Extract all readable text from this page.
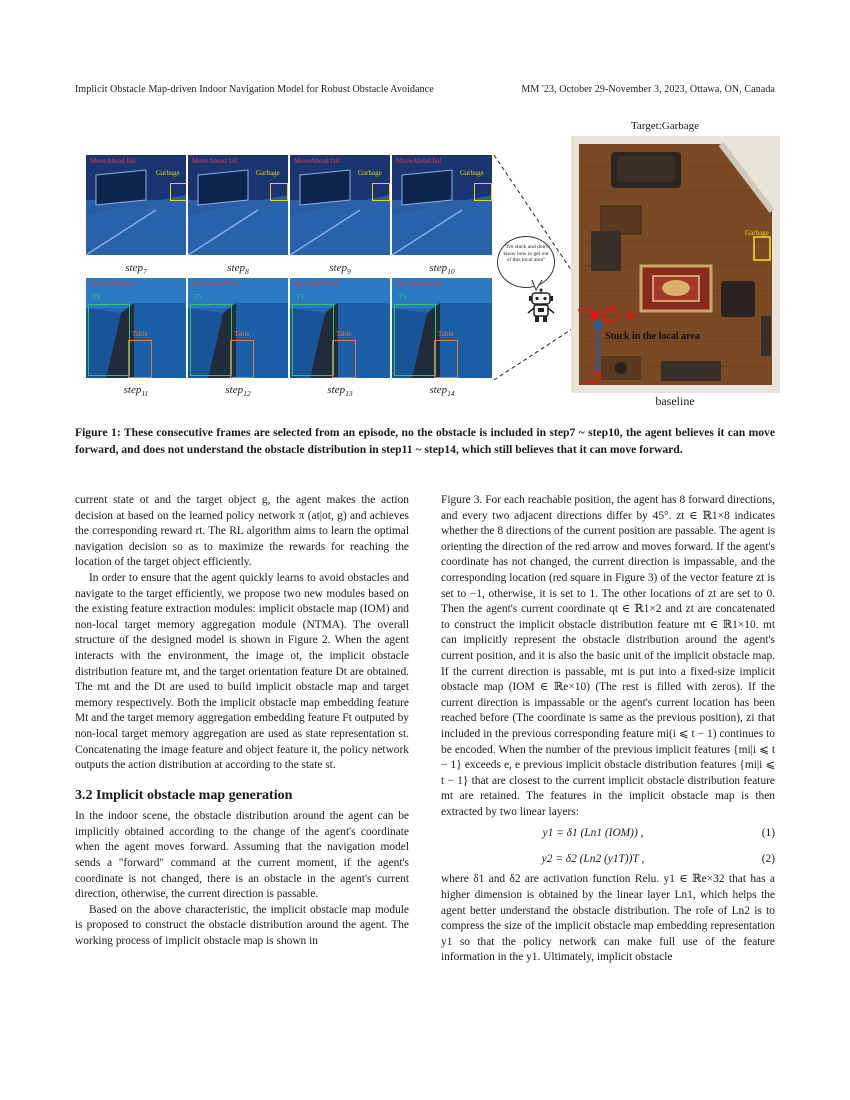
Implicit Obstacle Map-driven Indoor Navigation Model for Robust Obstacle Avoidance	MM '23, October 29-November 3, 2023, Ottawa, ON, Canada
MoveAhead fail
Garbage
MoveAhead fail
Garbage
MoveAhead fail
Garbage
MoveAhead fail
Garbage
step$_7$	step$_8$	step$_9$	step$_{10}$
MoveAhead fail
TV
Table
MoveAhead fail
TV
Table
MoveAhead fail
TV
Table
MoveAhead fail
TV
Table
step$_{11}$	step$_{12}$	step$_{13}$	step$_{14}$
"I'm stuck and don't know how to get out of this local area"
Target:Garbage
end
start
Stuck in the local area
Garbage
baseline
Figure 1: These consecutive frames are selected from an episode, no the obstacle is included in step7 ~ step10, the agent believes it can move forward, and does not understand the obstacle distribution in step11 ~ step14, which still believes that it can move forward.

current state ot and the target object g, the agent makes the action decision at based on the learned policy network π (at|ot, g) and achieves the corresponding reward rt. The RL algorithm aims to learn the optimal navigation decision so as to maximize the rewards for reaching the location of the target object efficiently.

In order to ensure that the agent quickly learns to avoid obstacles and navigate to the target efficiently, we propose two new modules based on the existing feature extraction modules: implicit obstacle map (IOM) and non-local target memory aggregation module (NTMA). The overall structure of the designed model is shown in Figure 2. When the agent interacts with the environment, the image ot, the implicit obstacle distribution feature mt, and the target orientation feature Dt are obtained. The mt and the Dt are used to build implicit obstacle map and target memory respectively. Both the implicit obstacle map embedding feature Mt and the target memory aggregation embedding feature Ft outputed by non-local target memory aggregation are used as state representation st. Concatenating the image feature and object feature it, the policy network outputs the action distribution at according to the state st.

3.2 Implicit obstacle map generation

In the indoor scene, the obstacle distribution around the agent can be implicitly obtained according to the change of the agent's coordinate when the agent moves forward. Assuming that the navigation model sends a "forward" command at the current moment, if the agent's coordinate is not changed, there is an obstacle in the agent's current direction, otherwise, the current direction is passable.

Based on the above characteristic, the implicit obstacle map module is proposed to construct the obstacle distribution around the agent. The working process of implicit obstacle map is shown in

Figure 3. For each reachable position, the agent has 8 forward directions, and every two adjacent directions differ by 45°. zt ∈ ℝ1×8 indicates whether the 8 directions of the current position are passable. The agent is orienting the direction of the red arrow and moves forward. If the agent's coordinate has not changed, the current direction is impassable, and the corresponding location (red square in Figure 3) of the vector feature zt is set to −1, otherwise, it is set to 1. The other locations of zt are set to 0. Then the agent's current coordinate qt ∈ ℝ1×2 and zt are concatenated to construct the implicit obstacle distribution feature mt ∈ ℝ1×10. mt can implicitly represent the obstacle distribution around the agent's current position, and it is also the basic unit of the implicit obstacle map. If the current direction is passable, mt is put into a fixed-size implicit obstacle map (IOM ∈ ℝe×10) (The rest is filled with zeros). If the current direction is impassable or the agent's current location has been reached before (The coordinate is same as the previous position), zi that included in the previous corresponding feature mi(i ⩽ t − 1) continues to be encoded. When the number of the previous implicit features {mi|i ⩽ t − 1} exceeds e, e previous implicit obstacle distribution features {mi|i ⩽ t − 1} that are closest to the current implicit obstacle distribution feature mt are retained. The features in the implicit obstacle map is then extracted by two linear layers:

y1 = δ1 (Ln1 (IOM)) ,	(1)
y2 = δ2 (Ln2 (y1T))T ,	(2)

where δ1 and δ2 are activation function Relu. y1 ∈ ℝe×32 that has a higher dimension is obtained by the linear layer Ln1, which helps the agent better understand the obstacle distribution. The role of Ln2 is to compress the size of the implicit obstacle map embedding representation y1 so that the policy network can make full use of the feature information in the y1. Ultimately, implicit obstacle
